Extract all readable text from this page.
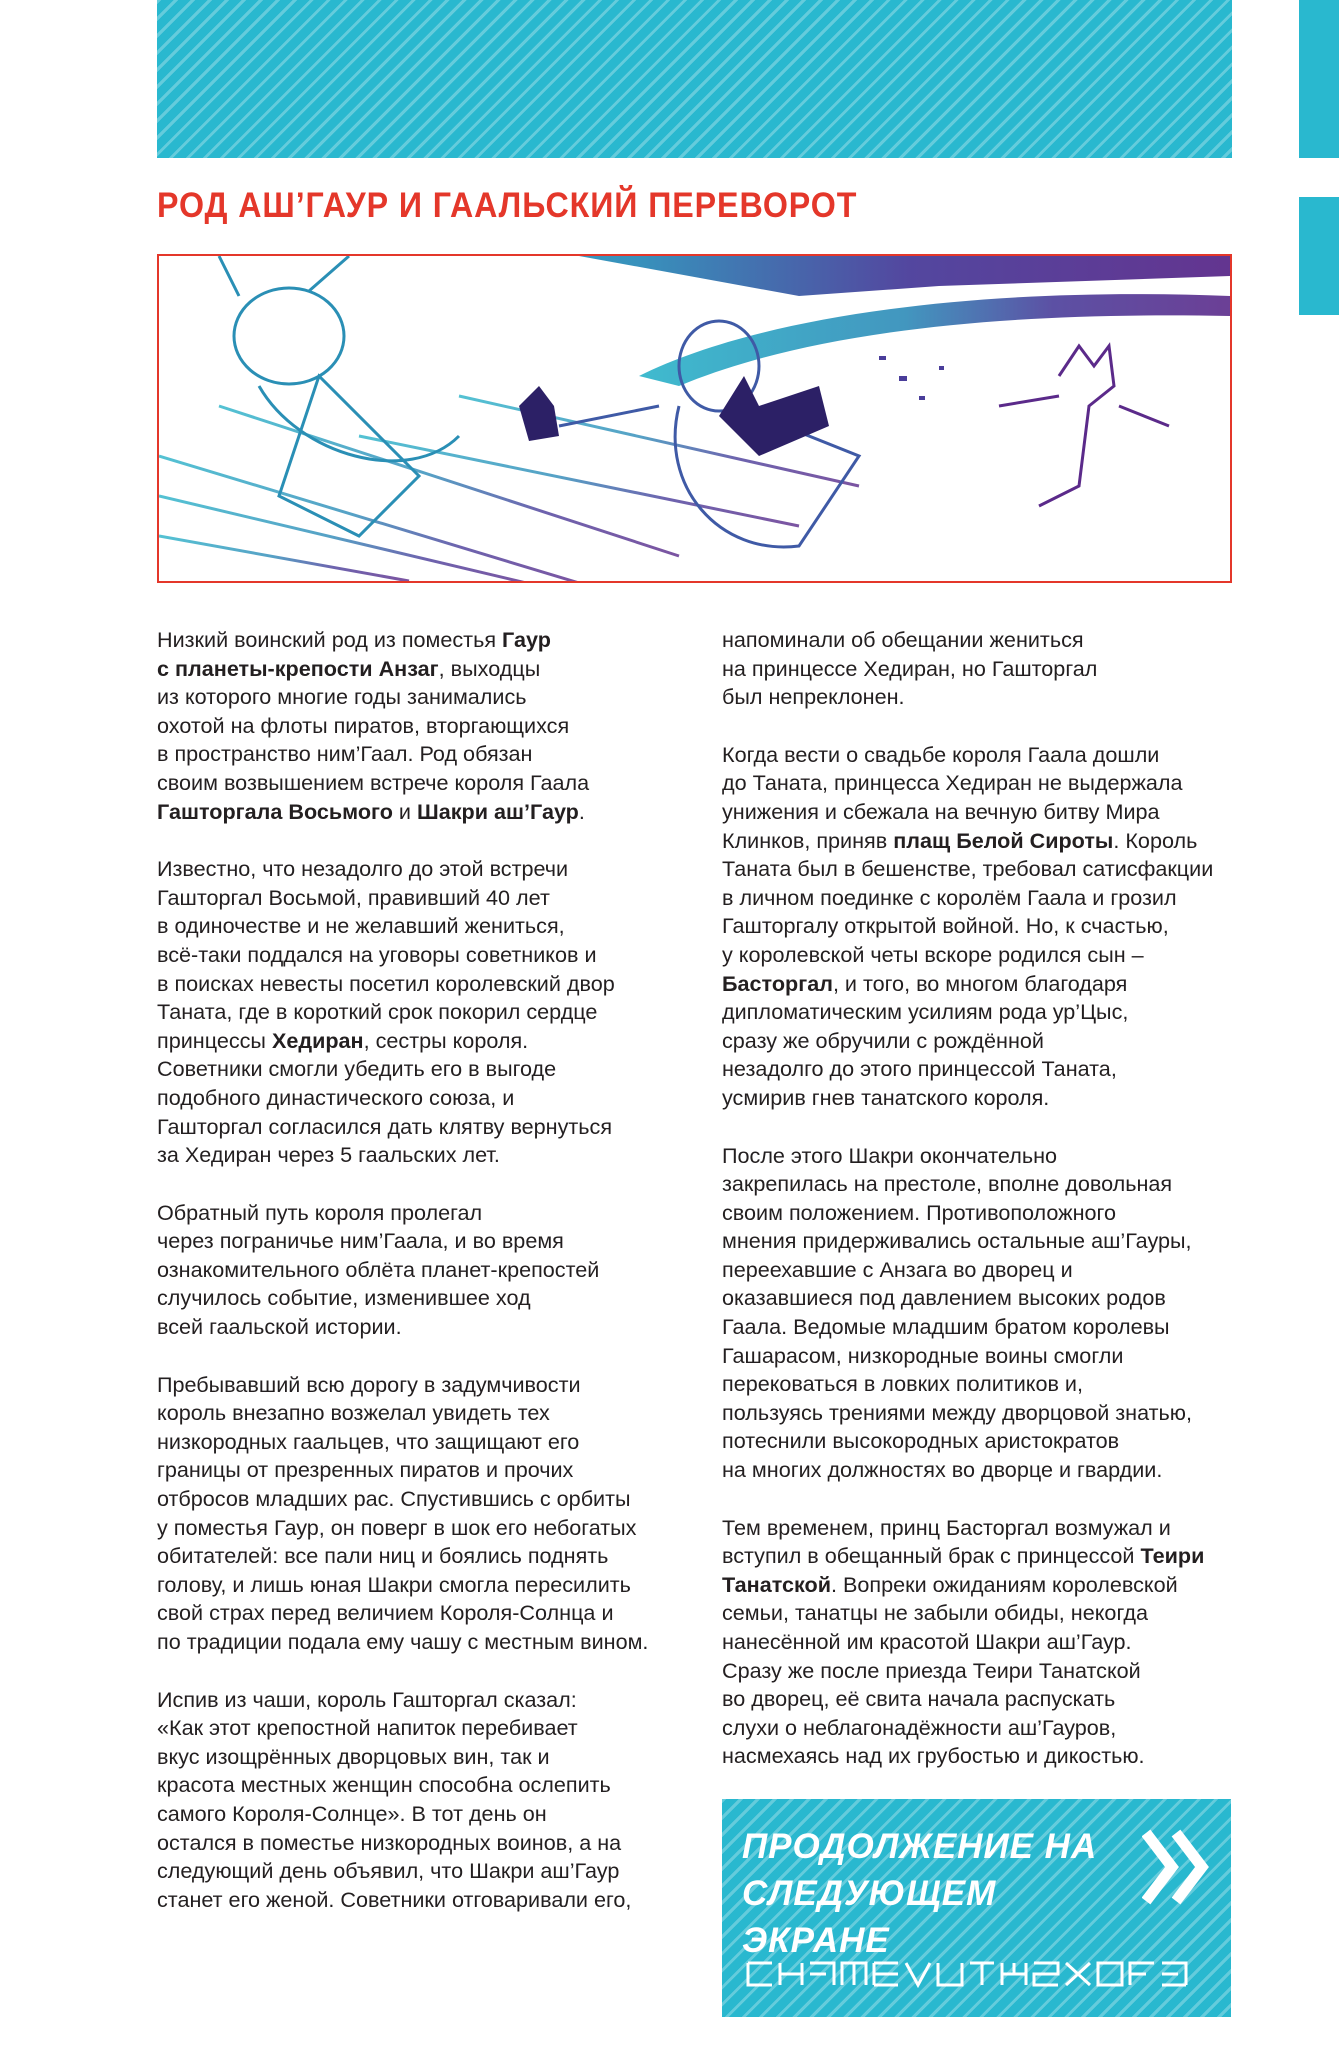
РОД АШ’ГАУР И ГААЛЬСКИЙ ПЕРЕВОРОТ

Низкий воинский род из поместья Гаур
с планеты-крепости Анзаг, выходцы
из которого многие годы занимались
охотой на флоты пиратов, вторгающихся
в пространство ним’Гаал. Род обязан
своим возвышением встрече короля Гаала
Гашторгала Восьмого и Шакри аш’Гаур.

Известно, что незадолго до этой встречи
Гашторгал Восьмой, правивший 40 лет
в одиночестве и не желавший жениться,
всё-таки поддался на уговоры советников и
в поисках невесты посетил королевский двор
Таната, где в короткий срок покорил сердце
принцессы Хедиран, сестры короля.
Советники смогли убедить его в выгоде
подобного династического союза, и
Гашторгал согласился дать клятву вернуться
за Хедиран через 5 гаальских лет.

Обратный путь короля пролегал
через пограничье ним’Гаала, и во время
ознакомительного облёта планет-крепостей
случилось событие, изменившее ход
всей гаальской истории.

Пребывавший всю дорогу в задумчивости
король внезапно возжелал увидеть тех
низкородных гаальцев, что защищают его
границы от презренных пиратов и прочих
отбросов младших рас. Спустившись с орбиты
у поместья Гаур, он поверг в шок его небогатых
обитателей: все пали ниц и боялись поднять
голову, и лишь юная Шакри смогла пересилить
свой страх перед величием Короля-Солнца и
по традиции подала ему чашу с местным вином.

Испив из чаши, король Гашторгал сказал:
«Как этот крепостной напиток перебивает
вкус изощрённых дворцовых вин, так и
красота местных женщин способна ослепить
самого Короля-Солнце». В тот день он
остался в поместье низкородных воинов, а на
следующий день объявил, что Шакри аш’Гаур
станет его женой. Советники отговаривали его,

напоминали об обещании жениться
на принцессе Хедиран, но Гашторгал
был непреклонен.

Когда вести о свадьбе короля Гаала дошли
до Таната, принцесса Хедиран не выдержала
унижения и сбежала на вечную битву Мира
Клинков, приняв плащ Белой Сироты. Король
Таната был в бешенстве, требовал сатисфакции
в личном поединке с королём Гаала и грозил
Гашторгалу открытой войной. Но, к счастью,
у королевской четы вскоре родился сын –
Басторгал, и того, во многом благодаря
дипломатическим усилиям рода ур’Цыс,
сразу же обручили с рождённой
незадолго до этого принцессой Таната,
усмирив гнев танатского короля.

После этого Шакри окончательно
закрепилась на престоле, вполне довольная
своим положением. Противоположного
мнения придерживались остальные аш’Гауры,
переехавшие с Анзага во дворец и
оказавшиеся под давлением высоких родов
Гаала. Ведомые младшим братом королевы
Гашарасом, низкородные воины смогли
перековаться в ловких политиков и,
пользуясь трениями между дворцовой знатью,
потеснили высокородных аристократов
на многих должностях во дворце и гвардии.

Тем временем, принц Басторгал возмужал и
вступил в обещанный брак с принцессой Теири
Танатской. Вопреки ожиданиям королевской
семьи, танатцы не забыли обиды, некогда
нанесённой им красотой Шакри аш’Гаур.
Сразу же после приезда Теири Танатской
во дворец, её свита начала распускать
слухи о неблагонадёжности аш’Гауров,
насмехаясь над их грубостью и дикостью.

ПРОДОЛЖЕНИЕ НА
СЛЕДУЮЩЕМ ЭКРАНЕ
